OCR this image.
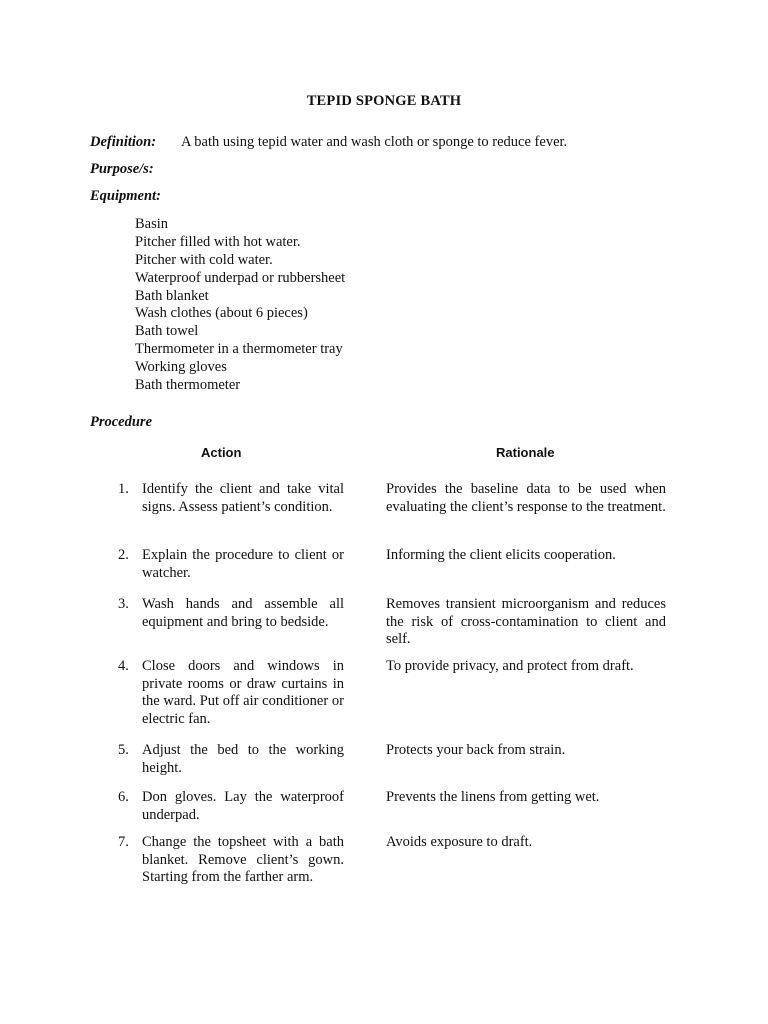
TEPID SPONGE BATH
Definition: A bath using tepid water and wash cloth or sponge to reduce fever.
Purpose/s:
Equipment:
Basin
Pitcher filled with hot water.
Pitcher with cold water.
Waterproof underpad or rubbersheet
Bath blanket
Wash clothes (about 6 pieces)
Bath towel
Thermometer in a thermometer tray
Working gloves
Bath thermometer
Procedure
Action	Rationale
1. Identify the client and take vital signs. Assess patient’s condition.
Provides the baseline data to be used when evaluating the client’s response to the treatment.
2. Explain the procedure to client or watcher.
Informing the client elicits cooperation.
3. Wash hands and assemble all equipment and bring to bedside.
Removes transient microorganism and reduces the risk of cross-contamination to client and self.
4. Close doors and windows in private rooms or draw curtains in the ward. Put off air conditioner or electric fan.
To provide privacy, and protect from draft.
5. Adjust the bed to the working height.
Protects your back from strain.
6. Don gloves. Lay the waterproof underpad.
Prevents the linens from getting wet.
7. Change the topsheet with a bath blanket. Remove client’s gown. Starting from the farther arm.
Avoids exposure to draft.
